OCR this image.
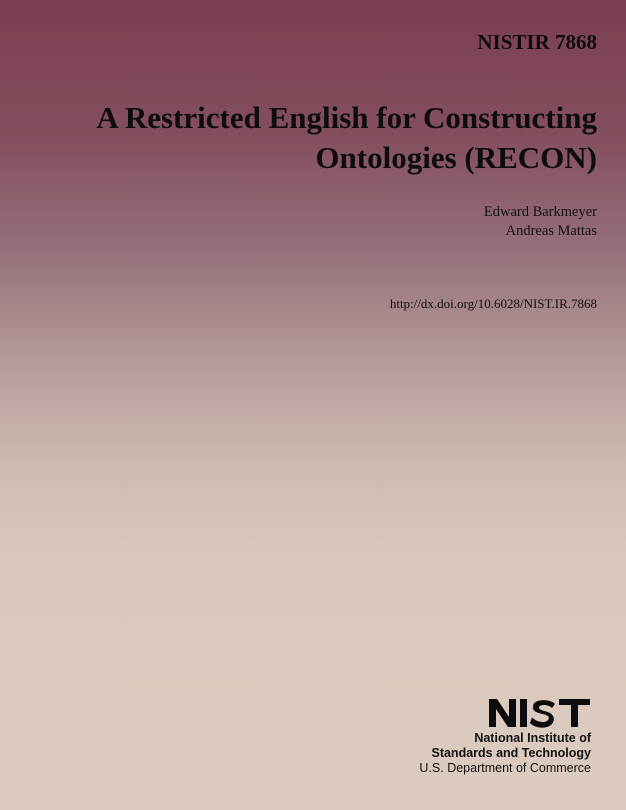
NISTIR 7868
A Restricted English for Constructing
Ontologies (RECON)
Edward Barkmeyer
Andreas Mattas
http://dx.doi.org/10.6028/NIST.IR.7868
National Institute of
Standards and Technology
U.S. Department of Commerce
